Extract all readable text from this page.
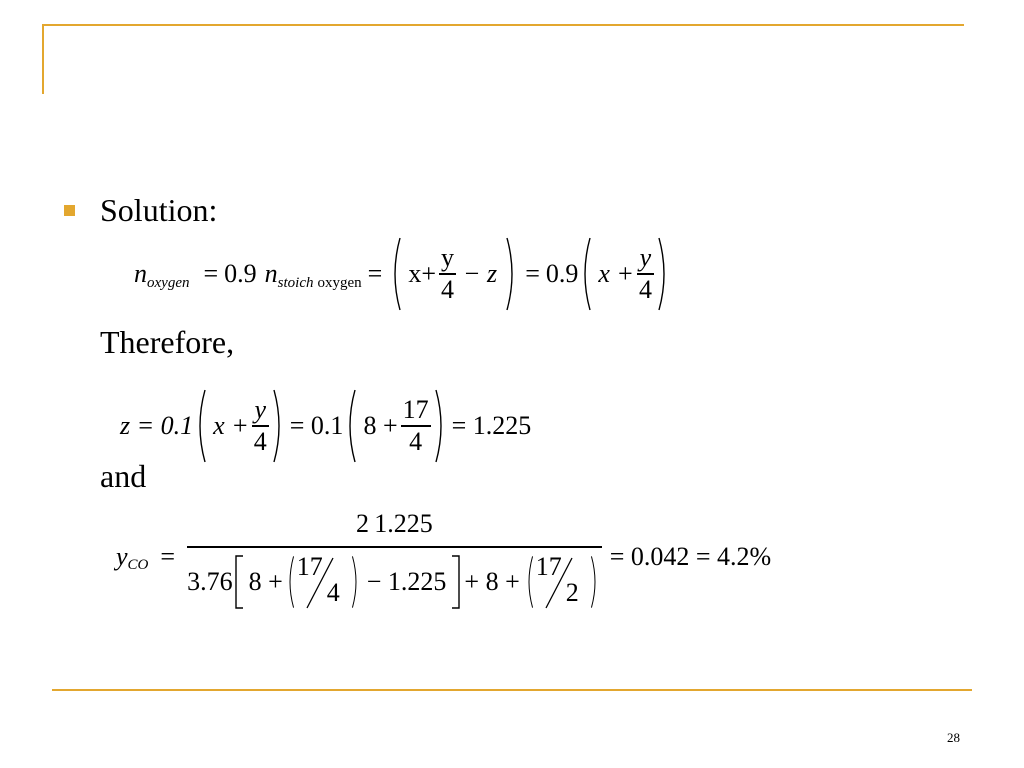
Solution:
n oxygen = 0.9 n stoich oxygen = $x+ \frac{y}{4} - z$	= 0.9 $x + \frac{y}{4}$
Therefore,
z = 0.1 $x + \frac{y}{4} = 0.1$ $8 + \frac{17}{4} = 1.225$
and
y CO =
2 1.225
3.76 8 +
17
4 − 1.225 + 8 +
17
2
= 0.042 = 4.2%
28
